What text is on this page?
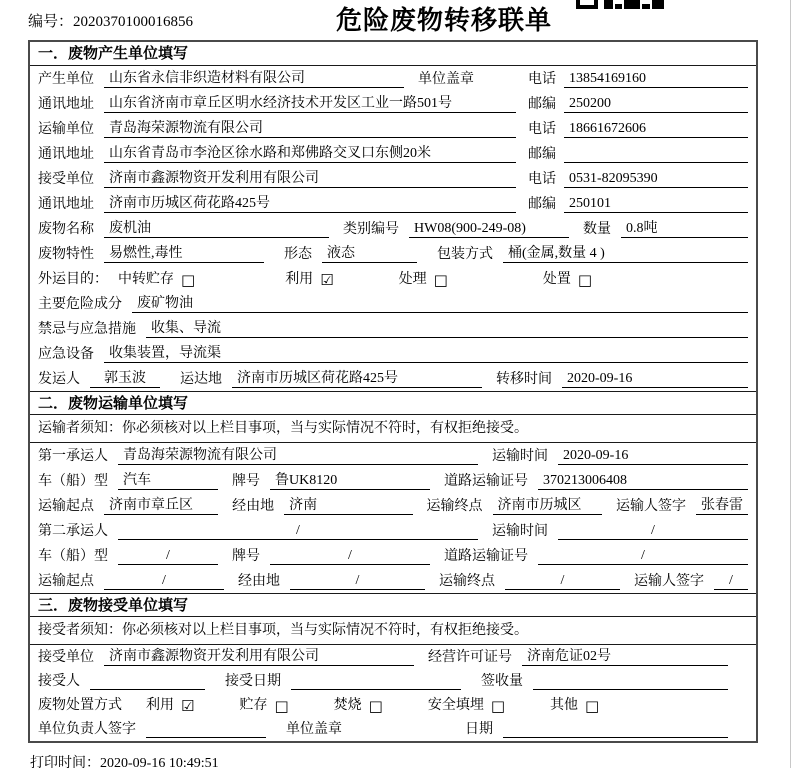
编号：2020370100016856	危险废物转移联单
一．废物产生单位填写
产生单位	山东省永信非织造材料有限公司	单位盖章	电话 13854169160
通讯地址	山东省济南市章丘区明水经济技术开发区工业一路501号	邮编 250200
运输单位	青岛海荣源物流有限公司	电话 18661672606
通讯地址	山东省青岛市李沧区徐水路和郑佛路交叉口东侧20米	邮编
接受单位	济南市鑫源物资开发利用有限公司	电话 0531-82095390
通讯地址	济南市历城区荷花路425号	邮编 250101
废物名称	废机油	类别编号	HW08(900-249-08)	数量	0.8吨
废物特性	易燃性,毒性	形态	液态	包装方式	桶(金属,数量 4 )
外运目的： 中转贮存 □	利用 ☑	处理 □	处置 □
主要危险成分	废矿物油
禁忌与应急措施	收集、导流
应急设备	收集装置，导流渠
发运人	郭玉波	运达地	济南市历城区荷花路425号	转移时间	2020-09-16
二．废物运输单位填写
运输者须知：你必须核对以上栏目事项，当与实际情况不符时，有权拒绝接受。
第一承运人	青岛海荣源物流有限公司	运输时间	2020-09-16
车（船）型	汽车	牌号	鲁UK8120	道路运输证号	370213006408
运输起点	济南市章丘区	经由地	济南	运输终点	济南市历城区	运输人签字	张春雷
第二承运人	/	运输时间	/
车（船）型	/	牌号	/	道路运输证号	/
运输起点	/	经由地	/	运输终点	/	运输人签字	/
三．废物接受单位填写
接受者须知：你必须核对以上栏目事项，当与实际情况不符时，有权拒绝接受。
接受单位	济南市鑫源物资开发利用有限公司	经营许可证号	济南危证02号
接受人	接受日期	签收量
废物处置方式 利用 ☑	贮存 □	焚烧 □	安全填埋 □	其他 □
单位负责人签字	单位盖章	日期
打印时间：2020-09-16 10:49:51
